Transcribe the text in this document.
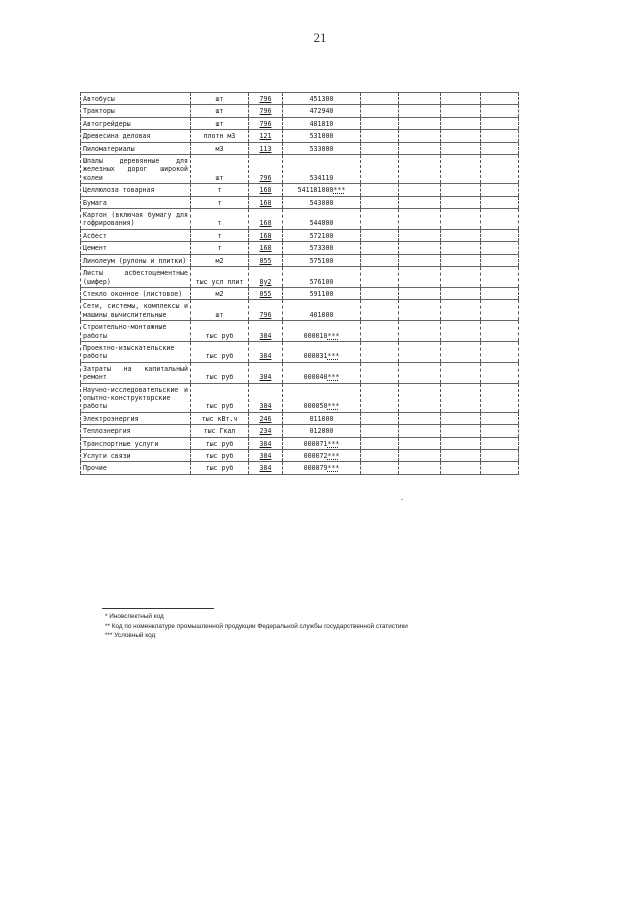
21
Автобусы	шт	796	451300				
Тракторы	шт	796	472940				
Автогрейдеры	шт	796	481810				
Древесина деловая	плотн м3	121	531000				
Пиломатериалы	м3	113	533000				
Шпалы деревянные для железных дорог широкой колеи	шт	796	534110				
Целлюлоза товарная	т	168	541181000***				
Бумага	т	168	543000				
Картон (включая бумагу для гофрирования)	т	168	544000				
Асбест	т	168	572100				
Цемент	т	168	573300				
Линолеум (рулоны и плитки)	м2	055	575100				
Листы асбестоцементные (шифер)	тыс усл плит	8у2	576100				
Стекло оконное (листовое)	м2	055	591100				
Сети, системы, комплексы и машины вычислительные	шт	796	401000				
Строительно-монтажные работы	тыс руб	384	000010***				
Проектно-изыскательские работы	тыс руб	384	000031***				
Затраты на капитальный ремонт	тыс руб	384	000040***				
Научно-исследовательские и опытно-конструкторские работы	тыс руб	384	000050***				
Электроэнергия	тыс кВт.ч	246	011000				
Теплоэнергия	тыс Гкал	234	012000				
Транспортные услуги	тыс руб	384	000071***				
Услуги связи	тыс руб	384	000072***				
Прочие	тыс руб	384	000079***				
·
* Иновспектный код
** Код по номенклатуре промышленной продукции Федеральной службы государственной статистики
*** Условный код
